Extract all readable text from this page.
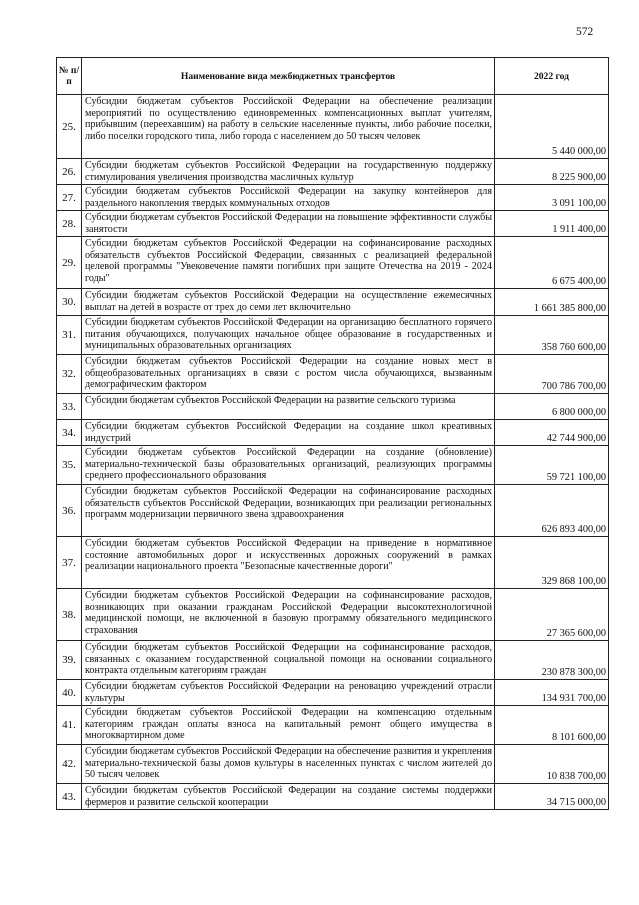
572
№ п/п	Наименование вида межбюджетных трансфертов	2022 год
25.	Субсидии бюджетам субъектов Российской Федерации на обеспечение реализации мероприятий по осуществлению единовременных компенсационных выплат учителям, прибывшим (переехавшим) на работу в сельские населенные пункты, либо рабочие поселки, либо поселки городского типа, либо города с населением до 50 тысяч человек	5 440 000,00
26.	Субсидии бюджетам субъектов Российской Федерации на государственную поддержку стимулирования увеличения производства масличных культур	8 225 900,00
27.	Субсидии бюджетам субъектов Российской Федерации на закупку контейнеров для раздельного накопления твердых коммунальных отходов	3 091 100,00
28.	Субсидии бюджетам субъектов Российской Федерации на повышение эффективности службы занятости	1 911 400,00
29.	Субсидии бюджетам субъектов Российской Федерации на софинансирование расходных обязательств субъектов Российской Федерации, связанных с реализацией федеральной целевой программы "Увековечение памяти погибших при защите Отечества на 2019 - 2024 годы"	6 675 400,00
30.	Субсидии бюджетам субъектов Российской Федерации на осуществление ежемесячных выплат на детей в возрасте от трех до семи лет включительно	1 661 385 800,00
31.	Субсидии бюджетам субъектов Российской Федерации на организацию бесплатного горячего питания обучающихся, получающих начальное общее образование в государственных и муниципальных образовательных организациях	358 760 600,00
32.	Субсидии бюджетам субъектов Российской Федерации на создание новых мест в общеобразовательных организациях в связи с ростом числа обучающихся, вызванным демографическим фактором	700 786 700,00
33.	Субсидии бюджетам субъектов Российской Федерации на развитие сельского туризма	6 800 000,00
34.	Субсидии бюджетам субъектов Российской Федерации на создание школ креативных индустрий	42 744 900,00
35.	Субсидии бюджетам субъектов Российской Федерации на создание (обновление) материально-технической базы образовательных организаций, реализующих программы среднего профессионального образования	59 721 100,00
36.	Субсидии бюджетам субъектов Российской Федерации на софинансирование расходных обязательств субъектов Российской Федерации, возникающих при реализации региональных программ модернизации первичного звена здравоохранения	626 893 400,00
37.	Субсидии бюджетам субъектов Российской Федерации на приведение в нормативное состояние автомобильных дорог и искусственных дорожных сооружений в рамках реализации национального проекта "Безопасные качественные дороги"	329 868 100,00
38.	Субсидии бюджетам субъектов Российской Федерации на софинансирование расходов, возникающих при оказании гражданам Российской Федерации высокотехнологичной медицинской помощи, не включенной в базовую программу обязательного медицинского страхования	27 365 600,00
39.	Субсидии бюджетам субъектов Российской Федерации на софинансирование расходов, связанных с оказанием государственной социальной помощи на основании социального контракта отдельным категориям граждан	230 878 300,00
40.	Субсидии бюджетам субъектов Российской Федерации на реновацию учреждений отрасли культуры	134 931 700,00
41.	Субсидии бюджетам субъектов Российской Федерации на компенсацию отдельным категориям граждан оплаты взноса на капитальный ремонт общего имущества в многоквартирном доме	8 101 600,00
42.	Субсидии бюджетам субъектов Российской Федерации на обеспечение развития и укрепления материально-технической базы домов культуры в населенных пунктах с числом жителей до 50 тысяч человек	10 838 700,00
43.	Субсидии бюджетам субъектов Российской Федерации на создание системы поддержки фермеров и развитие сельской кооперации	34 715 000,00
